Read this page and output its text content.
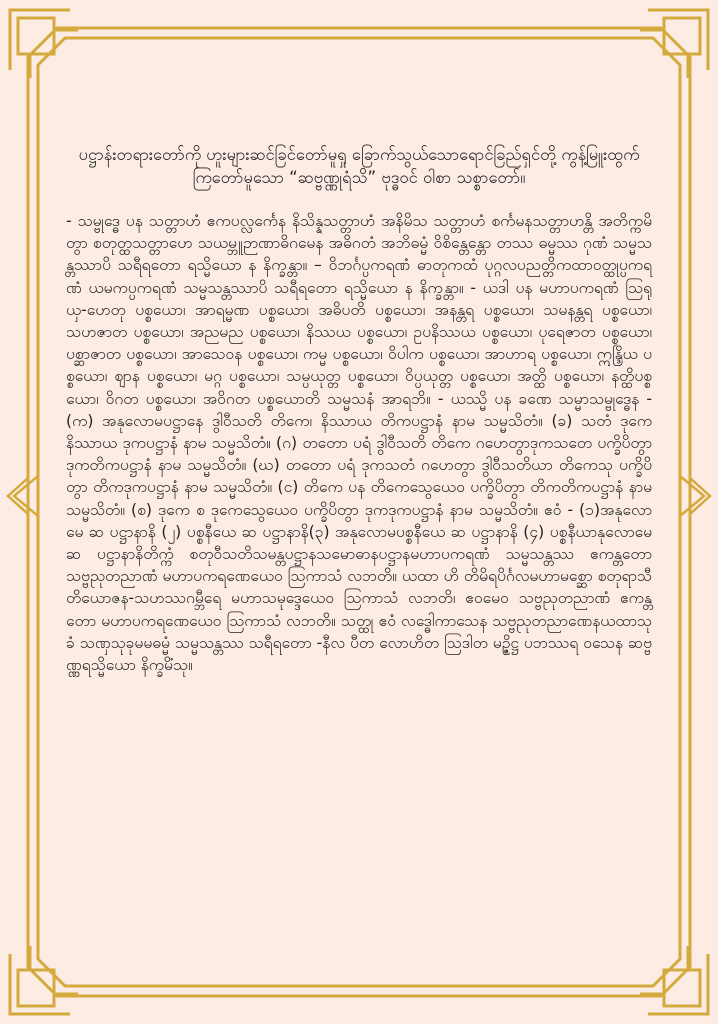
ပဋ္ဌာန်းတရားတော်ကို ဟူးများဆင်ခြင်တော်မူရှု ခြောက်သွယ်သောရောင်ခြည်ရှင်တို့ ကွန့်မြူးထွက်ကြတော်မူသော “ဆဗ္ဗဏ္ဏုရံသိ” ဗုဒ္ဓဝင် ဝါစာ သစ္စာတော်။

- သမ္ဗုဒ္ဓေ ပန သတ္တာဟံ ဧကပလ္လင်္ကေန နိသိန္နသတ္တာဟံ အနိမိသ သတ္တာဟံ စင်္ကမနသတ္တာဟန္တိ အတိက္ကမိတွာ စတုတ္ထသတ္တာဟေ သယမ္ဘူဉာဏာဓိဂမေန အဓိဂတံ အဘိဓမ္မံ ဝိစိန္တေန္တော တဿ ဓမ္မဿ ဂုဏံ သမ္မသန္တဿာပိ သရီရတော ရသ္မိယော န နိက္ခန္တာ။ – ဝိဘင်္ဂပ္ပကရဏံ ဓာတုကထံ ပုဂ္ဂလပညတ္တိကထာဝတ္ထုပ္ပကရဏံ ယမကပ္ပကရဏံ သမ္မသန္တဿာပိ သရီရတော ရသ္မိယော န နိက္ခန္တာ။ - ယဒါ ပန မဟာပကရဏံ ဩရုယှ-ဟေတု ပစ္စယော၊ အာရမ္မဏ ပစ္စယော၊ အဓိပတိ ပစ္စယော၊ အနန္တရ ပစ္စယော၊ သမနန္တရ ပစ္စယော၊ သဟဇာတ ပစ္စယော၊ အညမည ပစ္စယော၊ နိဿယ ပစ္စယော၊ ဥပနိဿယ ပစ္စယော၊ ပုရေဇာတ ပစ္စယော၊ ပစ္ဆာဇာတ ပစ္စယော၊ အာသေဝန ပစ္စယော၊ ကမ္မ ပစ္စယော၊ ဝိပါက ပစ္စယော၊ အာဟာရ ပစ္စယော၊ ဣန္ဒြိယ ပစ္စယော၊ ဈာန ပစ္စယော၊ မဂ္ဂ ပစ္စယော၊ သမ္ပယုတ္တ ပစ္စယော၊ ဝိပ္ပယုတ္တ ပစ္စယော၊ အတ္ထိ ပစ္စယော၊ နတ္ထိပစ္စယော၊ ဝိဂတ ပစ္စယော၊ အဝိဂတ ပစ္စယောတိ သမ္မသနံ အာရဘိ။ - ယဿ္မိ ပန ခဏေ သမ္မာသမ္ဗုဒ္ဓေန - (က) အနုလောမပဋ္ဌာနေ ဒွါဝီသတိ တိကေ၊ နိဿာယ တိကပဋ္ဌာနံ နာမ သမ္မသိတံ။ (ခ) သတံ ဒုကေ နိဿာယ ဒုကပဋ္ဌာနံ နာမ သမ္မသိတံ။ (ဂ) တတော ပရံ ဒွါဝီသတိ တိကေ ဂဟေတွာဒုကသတေ ပက္ခိပိတွာ ဒုကတိကပဋ္ဌာနံ နာမ သမ္မသိတံ။ (ဃ) တတော ပရံ ဒုကသတံ ဂဟေတွာ ဒွါဝီသတိယာ တိကေသု ပက္ခိပိတွာ တိကဒုကပဋ္ဌာနံ နာမ သမ္မသိတံ။ (င) တိကေ ပန တိကေသွေယေဝ ပက္ခိပိတွာ တိကတိကပဋ္ဌာနံ နာမ သမ္မသိတံ။ (စ) ဒုကေ စ ဒုကေသွေယေဝ ပက္ခိပိတွာ ဒုကဒုကပဋ္ဌာနံ နာမ သမ္မသိတံ။ ဧဝံ - (၁)အနုလောမေ ဆ ပဋ္ဌာနာနိ (၂) ပစ္စနီယေ ဆ ပဋ္ဌာနာနိ(၃) အနုလောမပစ္စနီယေ ဆ ပဋ္ဌာနာနိ (၄) ပစ္စနီယာနုလောမေ ဆ ပဋ္ဌာနာနိတိက္ကံ စတုဝီသတိသမန္တပဋ္ဌာနသမောဓာနပဋ္ဌာနမဟာပကရဏံ သမ္မသန္တဿ ဧကန္တတော သဗ္ဗညုတညာဏံ မဟာပကရဏေယေဝ ဩကာသံ လဘတိ။ ယထာ ဟိ တိမိရပိင်္ဂလမဟာမစ္ဆော စတုရာသီတိယောဇန-သဟဿဂမ္ဘီရေ မဟာသမုဒ္ဒေယေဝ ဩကာသံ လဘတိ၊ ဧဝမေဝ သဗ္ဗညုတညာဏံ ဧကန္တတော မဟာပကရဏေယေဝ ဩကာသံ လဘတိ။ သတ္ထု ဧဝံ လဒ္ဓေါကာသေန သဗ္ဗညုတညာဏေနယထာသုခံ သဏှသုခုမမဓမ္မံ သမ္မသန္တဿ သရီရတော -နီလ ပီတ လောဟိတ ဩဒါတ မဉ္ဇိဋ္ဌ ပဘဿရ ဝသေန ဆဗ္ဗဏ္ဏရသ္မိယော နိက္ခမိံသု။
